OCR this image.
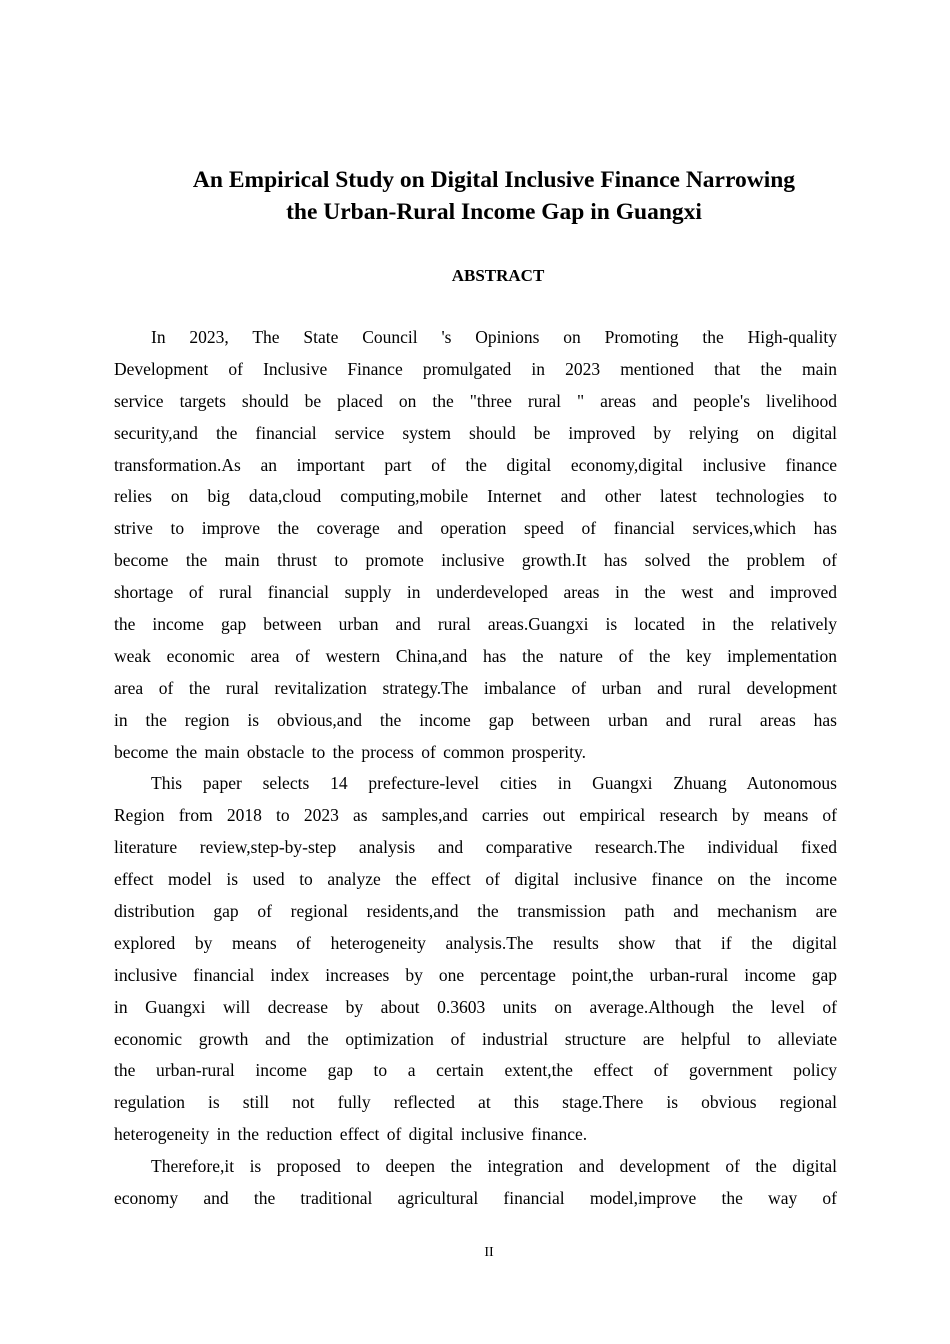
An Empirical Study on Digital Inclusive Finance Narrowing
the Urban-Rural Income Gap in Guangxi
ABSTRACT
In 2023, The State Council 's Opinions on Promoting the High-quality
Development of Inclusive Finance promulgated in 2023 mentioned that the main
service targets should be placed on the "three rural " areas and people's livelihood
security,and the financial service system should be improved by relying on digital
transformation.As an important part of the digital economy,digital inclusive finance
relies on big data,cloud computing,mobile Internet and other latest technologies to
strive to improve the coverage and operation speed of financial services,which has
become the main thrust to promote inclusive growth.It has solved the problem of
shortage of rural financial supply in underdeveloped areas in the west and improved
the income gap between urban and rural areas.Guangxi is located in the relatively
weak economic area of western China,and has the nature of the key implementation
area of the rural revitalization strategy.The imbalance of urban and rural development
in the region is obvious,and the income gap between urban and rural areas has
become the main obstacle to the process of common prosperity.
This paper selects 14 prefecture-level cities in Guangxi Zhuang Autonomous
Region from 2018 to 2023 as samples,and carries out empirical research by means of
literature review,step-by-step analysis and comparative research.The individual fixed
effect model is used to analyze the effect of digital inclusive finance on the income
distribution gap of regional residents,and the transmission path and mechanism are
explored by means of heterogeneity analysis.The results show that if the digital
inclusive financial index increases by one percentage point,the urban-rural income gap
in Guangxi will decrease by about 0.3603 units on average.Although the level of
economic growth and the optimization of industrial structure are helpful to alleviate
the urban-rural income gap to a certain extent,the effect of government policy
regulation is still not fully reflected at this stage.There is obvious regional
heterogeneity in the reduction effect of digital inclusive finance.
Therefore,it is proposed to deepen the integration and development of the digital
economy and the traditional agricultural financial model,improve the way of
II
